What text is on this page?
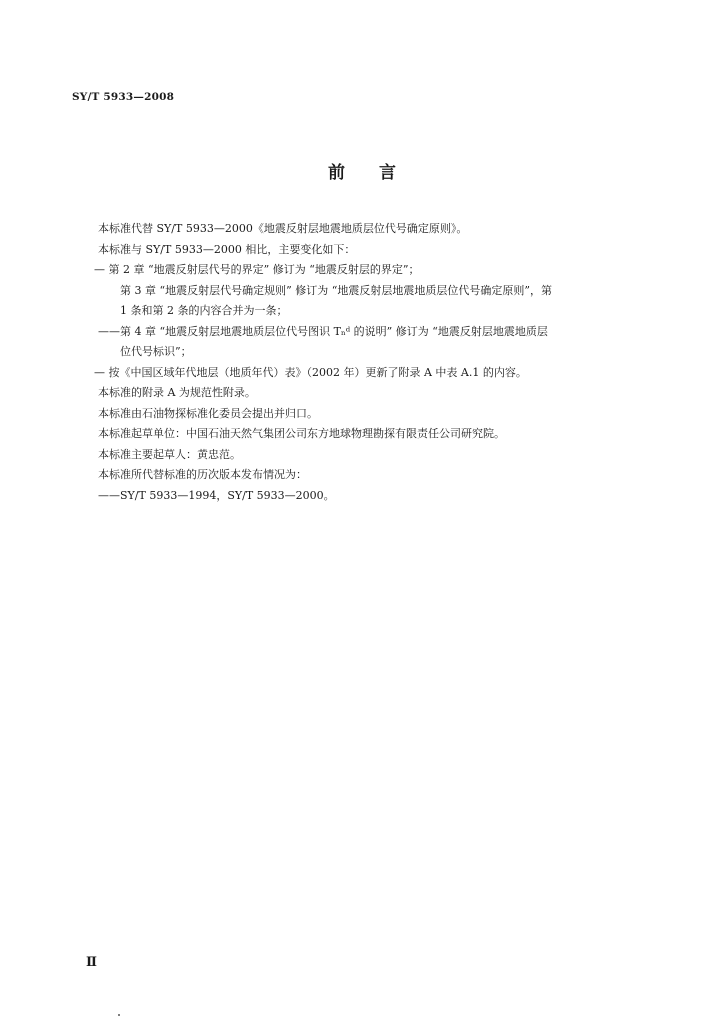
SY/T 5933—2008
前言
本标准代替 SY/T 5933—2000《地震反射层地震地质层位代号确定原则》。
本标准与 SY/T 5933—2000 相比，主要变化如下：
— 第 2 章 “地震反射层代号的界定” 修订为 “地震反射层的界定”；
第 3 章 “地震反射层代号确定规则” 修订为 “地震反射层地震地质层位代号确定原则”，第
1 条和第 2 条的内容合并为一条；
——第 4 章 “地震反射层地震地质层位代号图识 Tₙᵈ 的说明” 修订为 “地震反射层地震地质层
位代号标识”；
— 按《中国区域年代地层（地质年代）表》（2002 年）更新了附录 A 中表 A.1 的内容。
本标准的附录 A 为规范性附录。
本标准由石油物探标准化委员会提出并归口。
本标准起草单位：中国石油天然气集团公司东方地球物理勘探有限责任公司研究院。
本标准主要起草人：黄忠范。
本标准所代替标准的历次版本发布情况为：
——SY/T 5933—1994，SY/T 5933—2000。
Ⅱ
